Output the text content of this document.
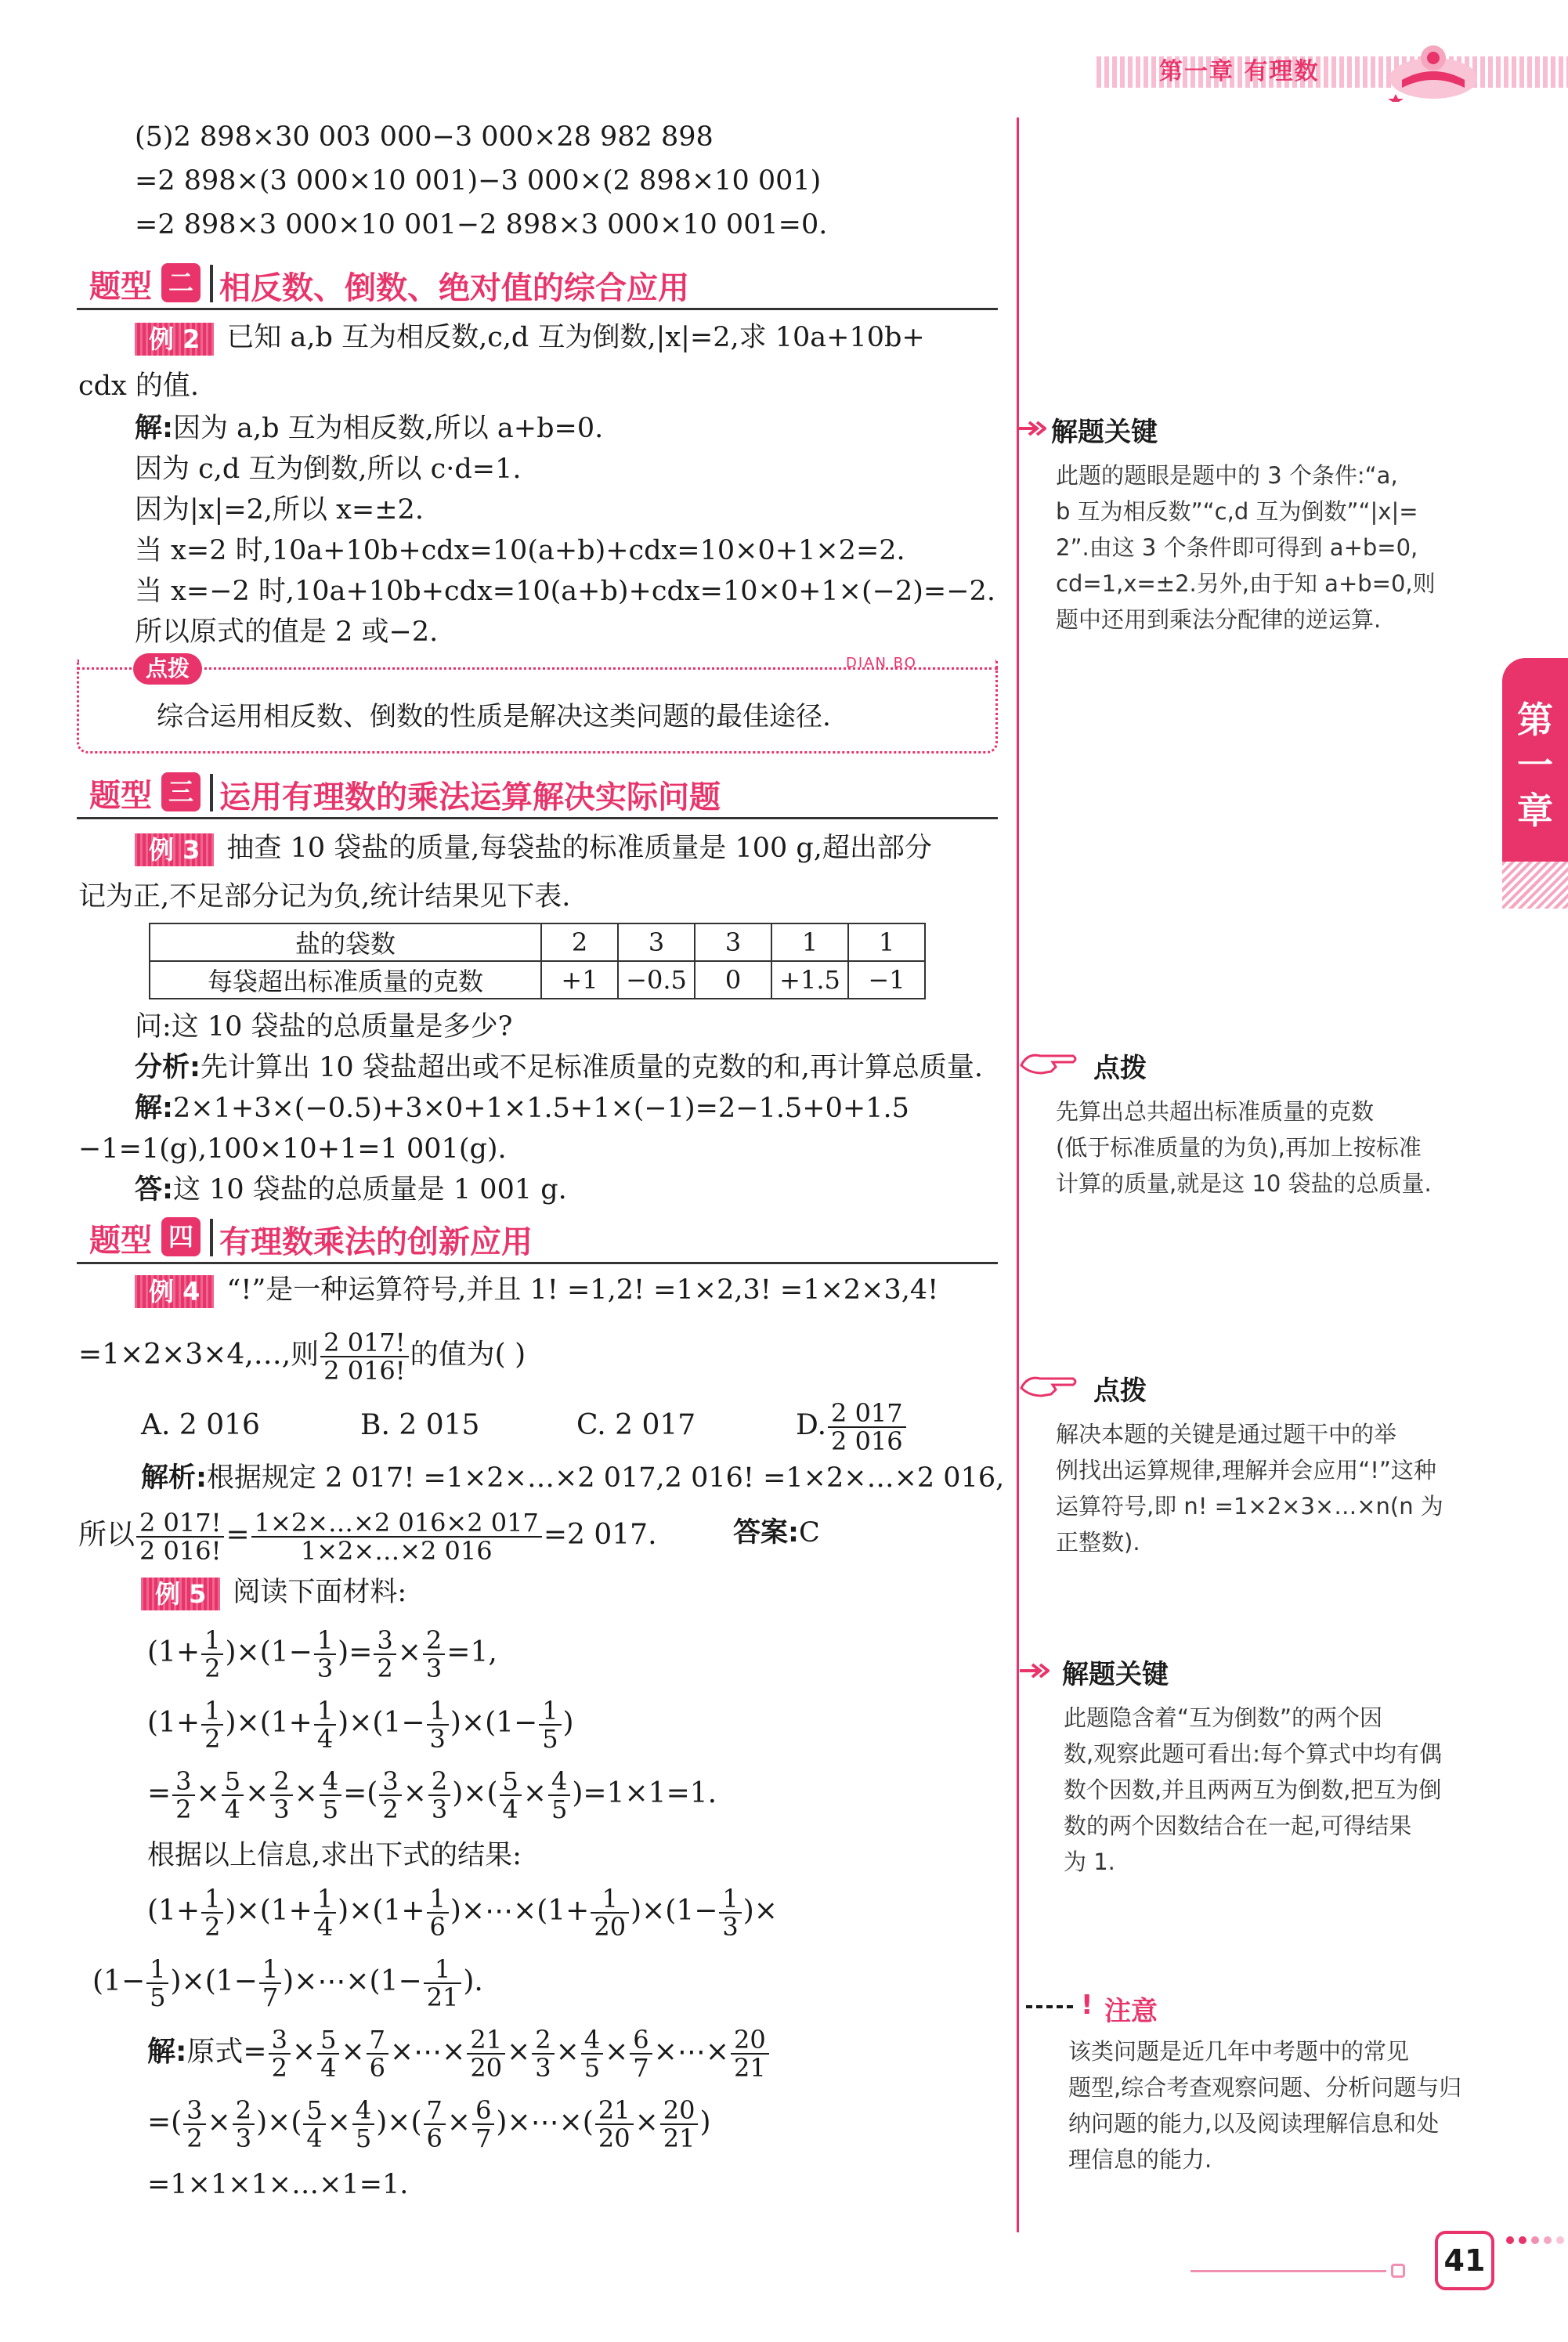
第一章 有理数
第一
章
(5)2 898×30 003 000−3 000×28 982 898
=2 898×(3 000×10 001)−3 000×(2 898×10 001)
=2 898×3 000×10 001−2 898×3 000×10 001=0.
题型 二 相反数、倒数、绝对值的综合应用
例 2 已知 a,b 互为相反数,c,d 互为倒数,|x|=2,求 10a+10b+
cdx 的值.
解:因为 a,b 互为相反数,所以 a+b=0.
因为 c,d 互为倒数,所以 c·d=1.
因为|x|=2,所以 x=±2.
当 x=2 时,10a+10b+cdx=10(a+b)+cdx=10×0+1×2=2.
当 x=−2 时,10a+10b+cdx=10(a+b)+cdx=10×0+1×(−2)=−2.
所以原式的值是 2 或−2.
点拨	DIAN BO
综合运用相反数、倒数的性质是解决这类问题的最佳途径.
题型 三 运用有理数的乘法运算解决实际问题
例 3 抽查 10 袋盐的质量,每袋盐的标准质量是 100 g,超出部分
记为正,不足部分记为负,统计结果见下表.
盐的袋数	2	3	3	1	1
每袋超出标准质量的克数	+1	−0.5	0	+1.5	−1
问:这 10 袋盐的总质量是多少?
分析:先计算出 10 袋盐超出或不足标准质量的克数的和,再计算总质量.
解:2×1+3×(−0.5)+3×0+1×1.5+1×(−1)=2−1.5+0+1.5
−1=1(g),100×10+1=1 001(g).
答:这 10 袋盐的总质量是 1 001 g.
题型 四 有理数乘法的创新应用
例 4 “!”是一种运算符号,并且 1! =1,2! =1×2,3! =1×2×3,4!
=1×2×3×4,…,则 $\frac{2 017!}{2 016!}$ 的值为( )
A. 2 016	B. 2 015	C. 2 017	D. $\frac{2 017}{2 016}$
解析:根据规定 2 017! =1×2×…×2 017,2 016! =1×2×…×2 016,
所以 $\frac{2 017!}{2 016!} = \frac{1\times 2\times\dots\times 2 016\times 2 017}{1\times 2\times\dots\times 2 016} =2$ 017.	答案:C
例 5 阅读下面材料:
$(1+ \frac{1}{2} )\times(1- \frac{1}{3}$ )= $\frac{3}{2} \times \frac{2}{3} =1$,
$(1+ \frac{1}{2} )\times(1+ \frac{1}{4} )\times(1- \frac{1}{3} )\times(1- \frac{1}{5}$ )
= $\frac{3}{2} \times \frac{5}{4} \times \frac{2}{3} \times \frac{4}{5}$ =( $\frac{3}{2} \times \frac{2}{3}$ )×( $\frac{5}{4} \times \frac{4}{5} )=1\times 1=1$.
根据以上信息,求出下式的结果:
$(1+ \frac{1}{2} )\times(1+ \frac{1}{4} )\times(1+ \frac{1}{6}$ )×⋯×(1+ $\frac{1}{20} )\times(1- \frac{1}{3}$ )×
$(1- \frac{1}{5} )\times(1- \frac{1}{7}$ )×⋯×(1− $\frac{1}{21}$ ).
解:原式= $\frac{3}{2} \times \frac{5}{4} \times \frac{7}{6}$ ×⋯× $\frac{21}{20} \times \frac{2}{3} \times \frac{4}{5} \times \frac{6}{7}$ ×⋯× $\frac{20}{21}$
=( $\frac{3}{2} \times \frac{2}{3}$ )×( $\frac{5}{4} \times \frac{4}{5}$ )×( $\frac{7}{6} \times \frac{6}{7}$ )×⋯×( $\frac{21}{20} \times \frac{20}{21}$ )
=1×1×1×…×1=1.
解题关键
此题的题眼是题中的 3 个条件:“a,
b 互为相反数”“c,d 互为倒数”“|x|=
2”.由这 3 个条件即可得到 a+b=0,
cd=1,x=±2.另外,由于知 a+b=0,则
题中还用到乘法分配律的逆运算.
点拨
先算出总共超出标准质量的克数
(低于标准质量的为负),再加上按标准
计算的质量,就是这 10 袋盐的总质量.
点拨
解决本题的关键是通过题干中的举
例找出运算规律,理解并会应用“!”这种
运算符号,即 n! =1×2×3×…×n(n 为
正整数).
解题关键
此题隐含着“互为倒数”的两个因
数,观察此题可看出:每个算式中均有偶
数个因数,并且两两互为倒数,把互为倒
数的两个因数结合在一起,可得结果
为 1.
! 注意
该类问题是近几年中考题中的常见
题型,综合考查观察问题、分析问题与归
纳问题的能力,以及阅读理解信息和处
理信息的能力.
41
